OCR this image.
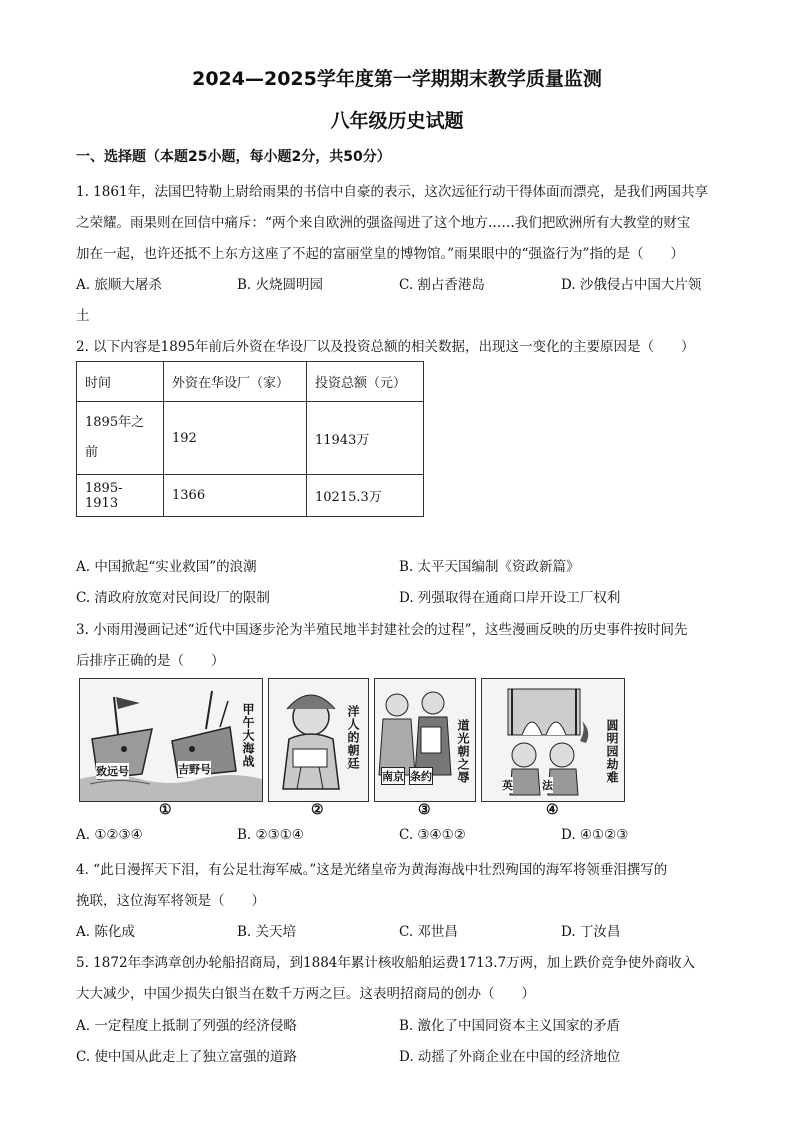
2024—2025学年度第一学期期末教学质量监测
八年级历史试题
一、选择题（本题25小题，每小题2分，共50分）
1. 1861年，法国巴特勒上尉给雨果的书信中自豪的表示，这次远征行动干得体面而漂亮，是我们两国共享
之荣耀。雨果则在回信中痛斥：“两个来自欧洲的强盗闯进了这个地方……我们把欧洲所有大教堂的财宝
加在一起，也许还抵不上东方这座了不起的富丽堂皇的博物馆。”雨果眼中的“强盗行为”指的是（　　）
A. 旅顺大屠杀	B. 火烧圆明园	C. 割占香港岛	D. 沙俄侵占中国大片领
土
2. 以下内容是1895年前后外资在华设厂以及投资总额的相关数据，出现这一变化的主要原因是（　　）
时间	外资在华设厂（家）	投资总额（元）

1895年之前	192	11943万
1895-1913	1366	10215.3万
A. 中国掀起“实业救国”的浪潮	B. 太平天国编制《资政新篇》
C. 清政府放宽对民间设厂的限制	D. 列强取得在通商口岸开设工厂权利
3. 小雨用漫画记述“近代中国逐步沦为半殖民地半封建社会的过程”，这些漫画反映的历史事件按时间先
后排序正确的是（　　）
致远号	吉野号
甲午大海战	洋人的朝廷
南京 条约 道光朝之辱
英	法
圆明园劫难
①	②	③	④
A. ①②③④	B. ②③①④	C. ③④①②	D. ④①②③
4. “此日漫挥天下泪，有公足壮海军威。”这是光绪皇帝为黄海海战中壮烈殉国的海军将领垂泪撰写的
挽联，这位海军将领是（　　）
A. 陈化成	B. 关天培	C. 邓世昌	D. 丁汝昌
5. 1872年李鸿章创办轮船招商局，到1884年累计核收船舶运费1713.7万两，加上跌价竞争使外商收入
大大减少，中国少损失白银当在数千万两之巨。这表明招商局的创办（　　）
A. 一定程度上抵制了列强的经济侵略	B. 激化了中国同资本主义国家的矛盾
C. 使中国从此走上了独立富强的道路	D. 动摇了外商企业在中国的经济地位
